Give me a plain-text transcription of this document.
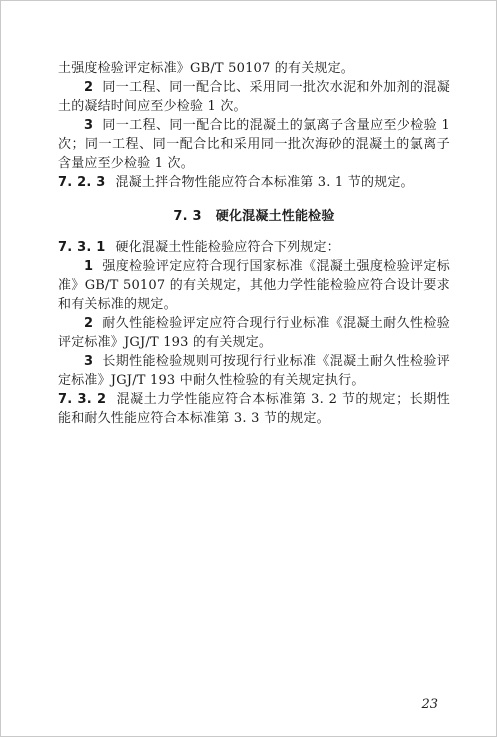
土强度检验评定标准》GB/T 50107 的有关规定。

2 同一工程、同一配合比、采用同一批次水泥和外加剂的混凝土的凝结时间应至少检验 1 次。

3 同一工程、同一配合比的混凝土的氯离子含量应至少检验 1 次；同一工程、同一配合比和采用同一批次海砂的混凝土的氯离子含量应至少检验 1 次。

7. 2. 3 混凝土拌合物性能应符合本标准第 3. 1 节的规定。

7. 3 硬化混凝土性能检验

7. 3. 1 硬化混凝土性能检验应符合下列规定：

1 强度检验评定应符合现行国家标准《混凝土强度检验评定标准》GB/T 50107 的有关规定，其他力学性能检验应符合设计要求和有关标准的规定。

2 耐久性能检验评定应符合现行行业标准《混凝土耐久性检验评定标准》JGJ/T 193 的有关规定。

3 长期性能检验规则可按现行行业标准《混凝土耐久性检验评定标准》JGJ/T 193 中耐久性检验的有关规定执行。

7. 3. 2 混凝土力学性能应符合本标准第 3. 2 节的规定；长期性能和耐久性能应符合本标准第 3. 3 节的规定。

23
